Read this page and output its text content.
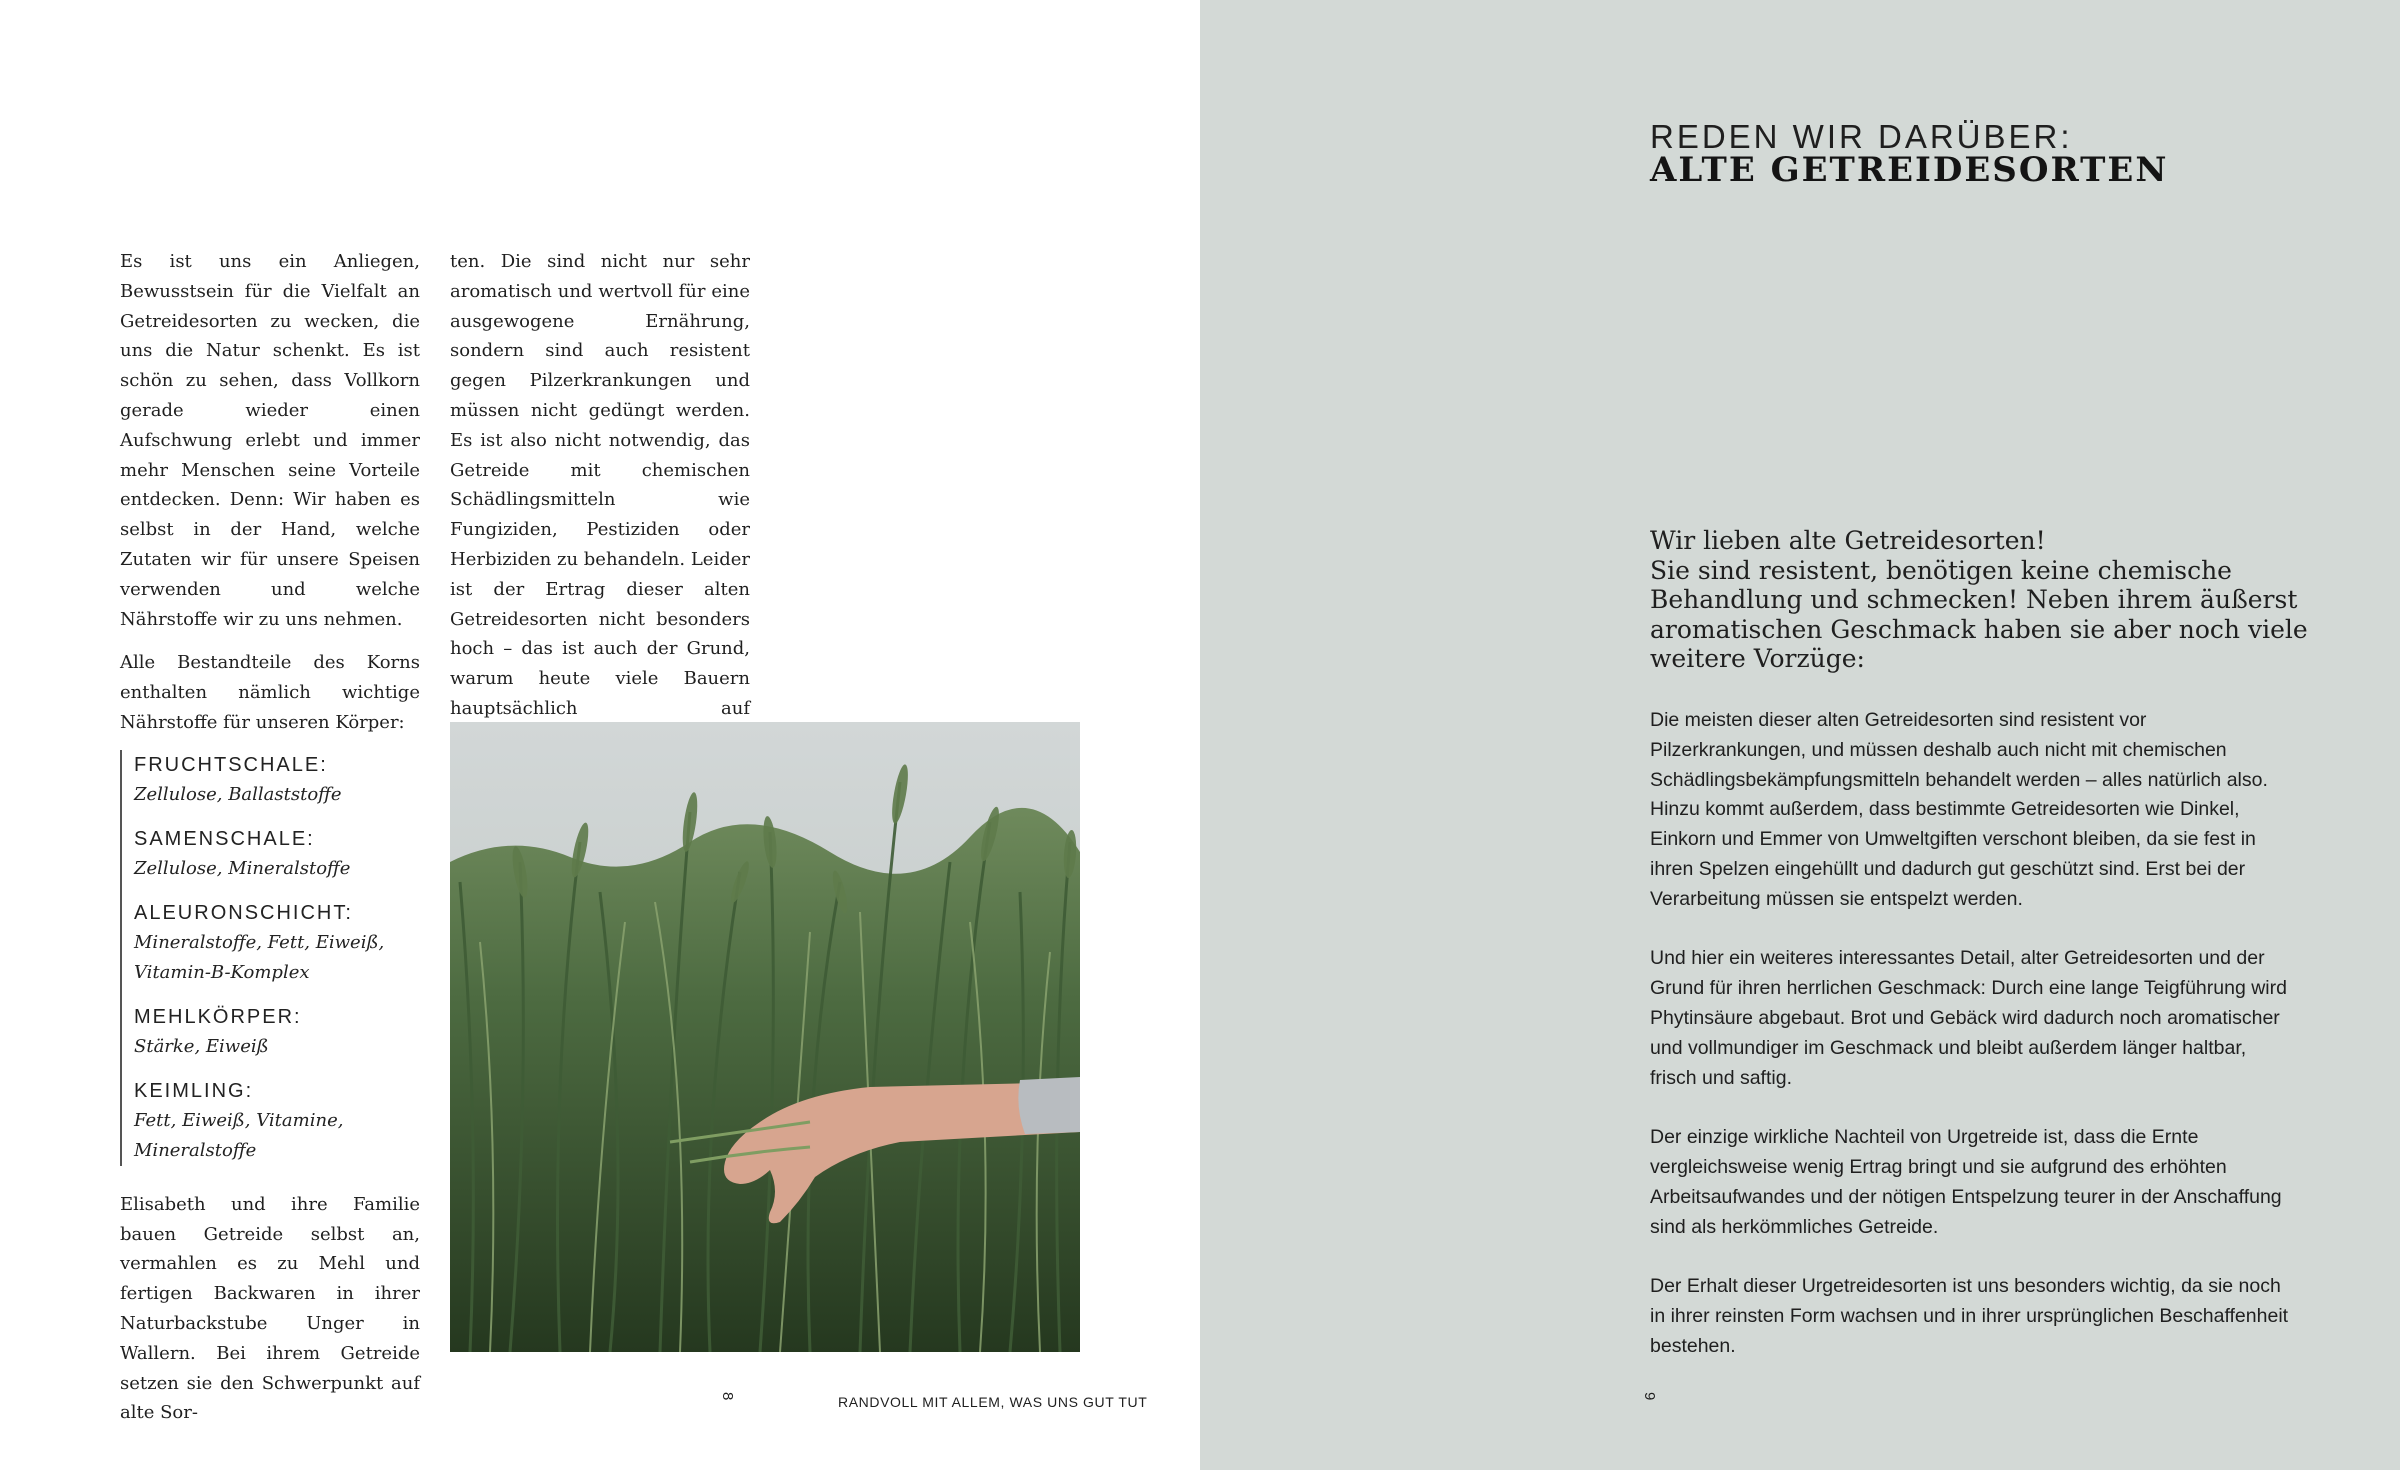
Es ist uns ein Anliegen, Bewusstsein für die Vielfalt an Getreidesorten zu wecken, die uns die Natur schenkt. Es ist schön zu sehen, dass Vollkorn gerade wieder einen Aufschwung erlebt und immer mehr Menschen seine Vorteile entdecken. Denn: Wir haben es selbst in der Hand, welche Zutaten wir für unsere Speisen verwenden und welche Nährstoffe wir zu uns nehmen.

Alle Bestandteile des Korns enthalten nämlich wichtige Nährstoffe für unseren Körper:

FRUCHTSCHALE:
Zellulose, Ballaststoffe
SAMENSCHALE:
Zellulose, Mineralstoffe
ALEURONSCHICHT:
Mineralstoffe, Fett, Eiweiß, Vitamin-B-Komplex
MEHLKÖRPER:
Stärke, Eiweiß
KEIMLING:
Fett, Eiweiß, Vitamine, Mineralstoffe

Elisabeth und ihre Familie bauen Getreide selbst an, vermahlen es zu Mehl und fertigen Backwaren in ihrer Naturbackstube Unger in Wallern. Bei ihrem Getreide setzen sie den Schwerpunkt auf alte Sor-

ten. Die sind nicht nur sehr aromatisch und wertvoll für eine ausgewogene Ernährung, sondern sind auch resistent gegen Pilzerkrankungen und müssen nicht gedüngt werden. Es ist also nicht notwendig, das Getreide mit chemischen Schädlingsmitteln wie Fungiziden, Pestiziden oder Herbiziden zu behandeln. Leider ist der Ertrag dieser alten Getreidesorten nicht besonders hoch – das ist auch der Grund, warum heute viele Bauern hauptsächlich auf

8	RANDVOLL MIT ALLEM, WAS UNS GUT TUT
REDEN WIR DARÜBER:
ALTE GETREIDESORTEN
Wir lieben alte Getreidesorten!
Sie sind resistent, benötigen keine chemische
Behandlung und schmecken! Neben ihrem äußerst
aromatischen Geschmack haben sie aber noch viele
weitere Vorzüge:

Die meisten dieser alten Getreidesorten sind resistent vor Pilzerkrankungen, und müssen deshalb auch nicht mit chemischen Schädlingsbekämpfungsmitteln behandelt werden – alles natürlich also. Hinzu kommt außerdem, dass bestimmte Getreidesorten wie Dinkel, Einkorn und Emmer von Umweltgiften verschont bleiben, da sie fest in ihren Spelzen eingehüllt und dadurch gut geschützt sind. Erst bei der Verarbeitung müssen sie entspelzt werden.

Und hier ein weiteres interessantes Detail, alter Getreidesorten und der Grund für ihren herrlichen Geschmack: Durch eine lange Teigführung wird Phytinsäure abgebaut. Brot und Gebäck wird dadurch noch aromatischer und vollmundiger im Geschmack und bleibt außerdem länger haltbar, frisch und saftig.

Der einzige wirkliche Nachteil von Urgetreide ist, dass die Ernte vergleichsweise wenig Ertrag bringt und sie aufgrund des erhöhten Arbeitsaufwandes und der nötigen Entspelzung teurer in der Anschaffung sind als herkömmliches Getreide.

Der Erhalt dieser Urgetreidesorten ist uns besonders wichtig, da sie noch in ihrer reinsten Form wachsen und in ihrer ursprünglichen Beschaffenheit bestehen.

9
